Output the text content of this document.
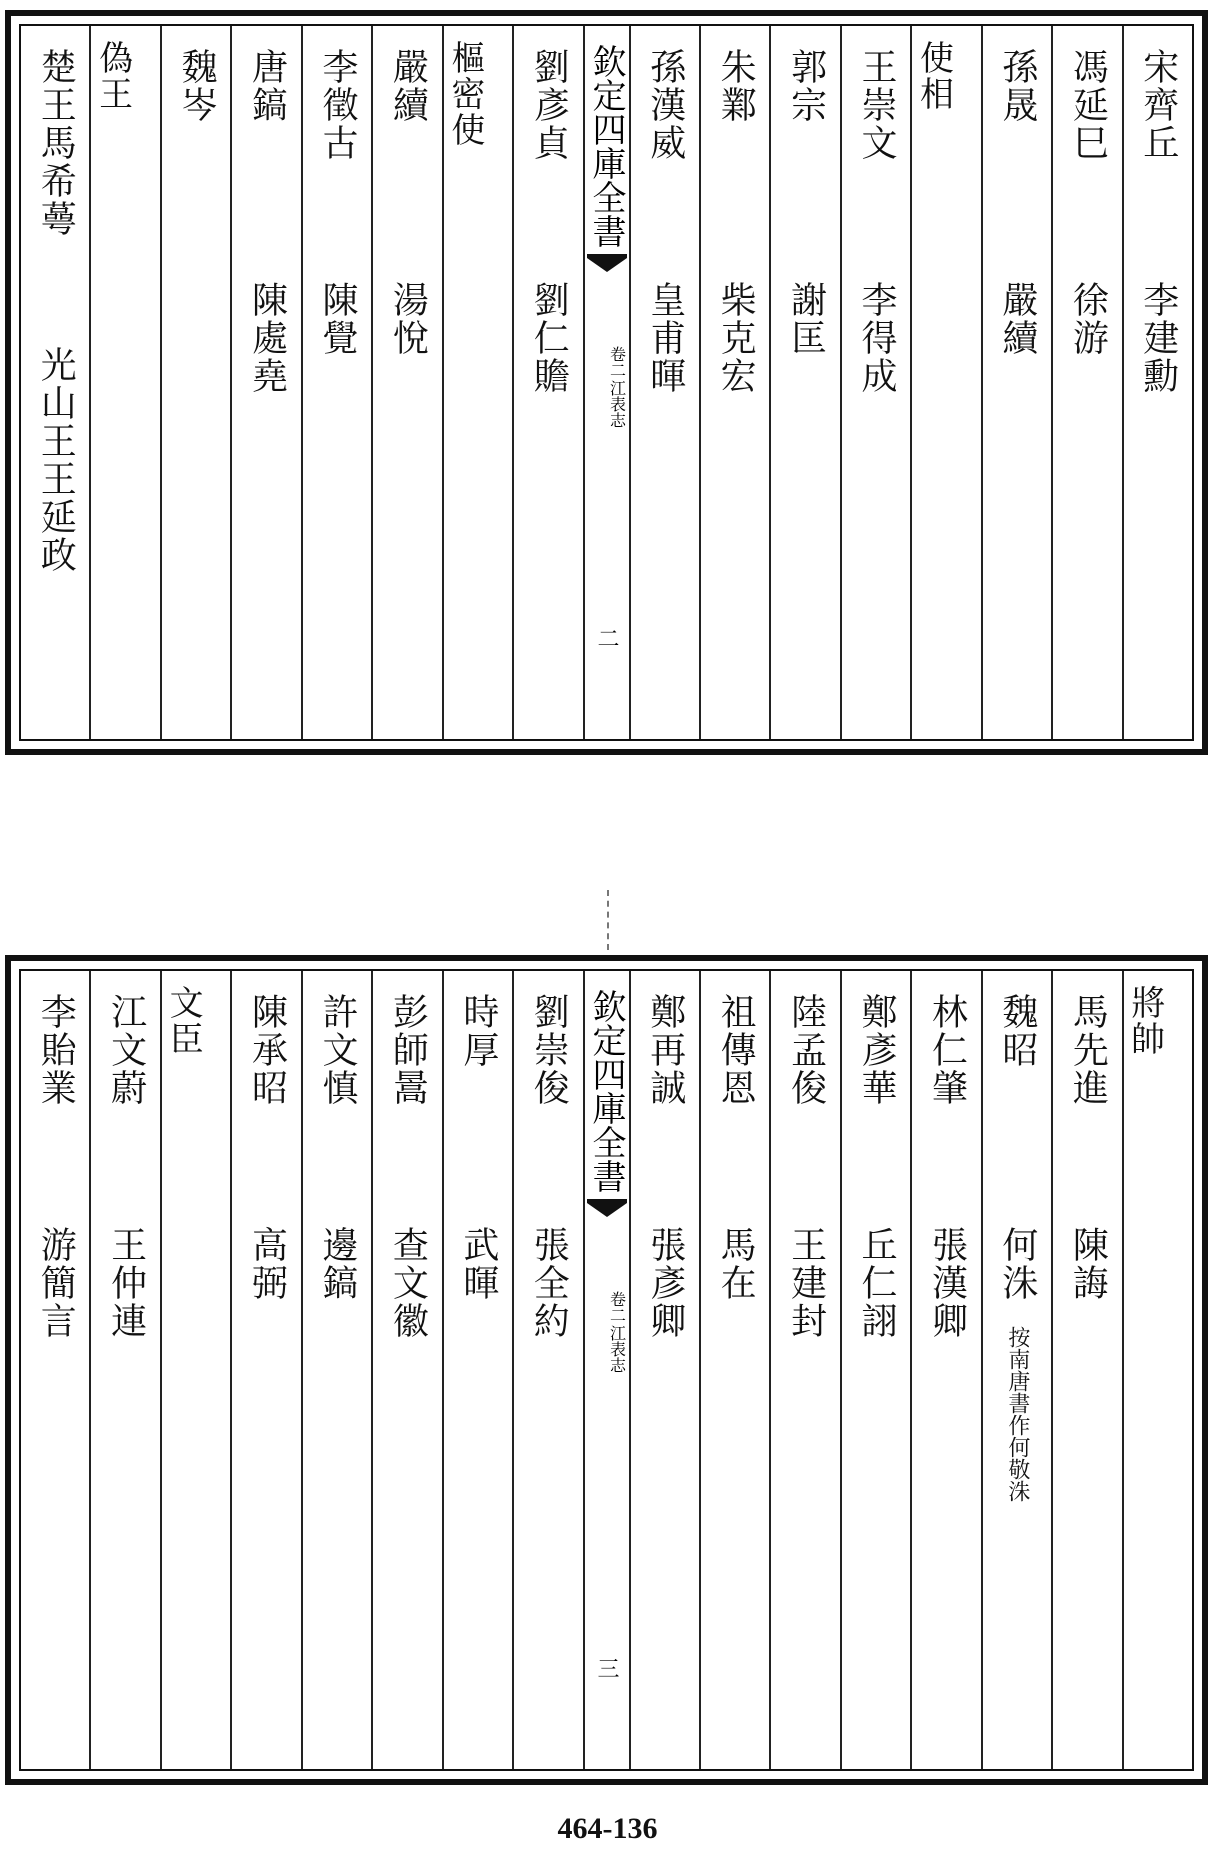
宋齊丘
李建勳
馮延巳
徐游
孫晟
嚴續
使相
王崇文
李得成
郭宗
謝匡
朱鄴
柴克宏
孫漢威
皇甫暉
欽定四庫全書
江表志
卷二
二
劉彥貞
劉仁贍
樞密使
嚴續
湯悅
李徵古
陳覺
唐鎬
陳處堯
魏岑
偽王
楚王馬希蕚
光山王王延政
將帥
馬先進
陳誨
魏昭
何洙
按南唐書作何敬洙
林仁肇
張漢卿
鄭彥華
丘仁詡
陸孟俊
王建封
祖傳恩
馬在
鄭再誠
張彥卿
欽定四庫全書
江表志
卷二
三
劉崇俊
張全約
時厚
武暉
彭師暠
查文徽
許文慎
邊鎬
陳承昭
高弼
文臣
江文蔚
王仲連
李貽業
游簡言
464-136
